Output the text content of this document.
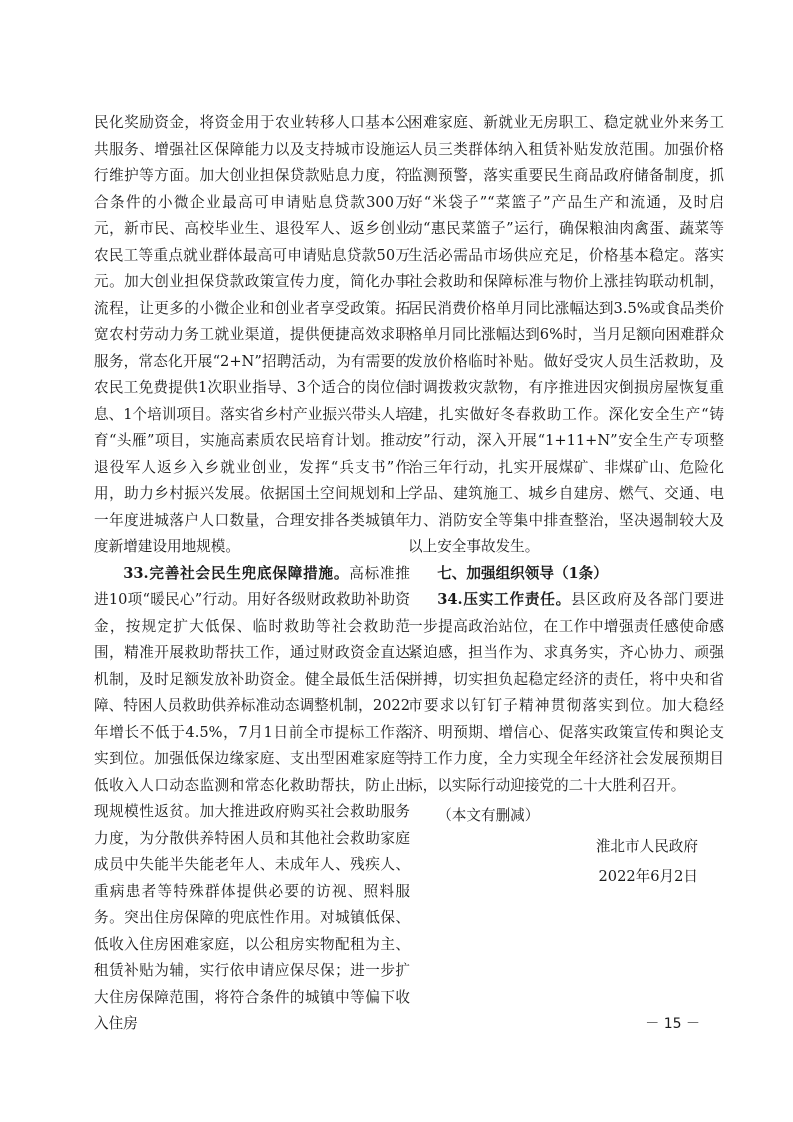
民化奖励资金，将资金用于农业转移人口基本公共服务、增强社区保障能力以及支持城市设施运行维护等方面。加大创业担保贷款贴息力度，符合条件的小微企业最高可申请贴息贷款300万元，新市民、高校毕业生、退役军人、返乡创业农民工等重点就业群体最高可申请贴息贷款50万元。加大创业担保贷款政策宣传力度，简化办事流程，让更多的小微企业和创业者享受政策。拓宽农村劳动力务工就业渠道，提供便捷高效求职服务，常态化开展“2+N”招聘活动，为有需要的农民工免费提供1次职业指导、3个适合的岗位信息、1个培训项目。落实省乡村产业振兴带头人培育“头雁”项目，实施高素质农民培育计划。推动退役军人返乡入乡就业创业，发挥“兵支书”作用，助力乡村振兴发展。依据国土空间规划和上一年度进城落户人口数量，合理安排各类城镇年度新增建设用地规模。

33.完善社会民生兜底保障措施。高标准推进10项“暖民心”行动。用好各级财政救助补助资金，按规定扩大低保、临时救助等社会救助范围，精准开展救助帮扶工作，通过财政资金直达机制，及时足额发放补助资金。健全最低生活保障、特困人员救助供养标准动态调整机制，2022年增长不低于4.5%，7月1日前全市提标工作落实到位。加强低保边缘家庭、支出型困难家庭等低收入人口动态监测和常态化救助帮扶，防止出现规模性返贫。加大推进政府购买社会救助服务力度，为分散供养特困人员和其他社会救助家庭成员中失能半失能老年人、未成年人、残疾人、重病患者等特殊群体提供必要的访视、照料服务。突出住房保障的兜底性作用。对城镇低保、低收入住房困难家庭，以公租房实物配租为主、租赁补贴为辅，实行依申请应保尽保；进一步扩大住房保障范围，将符合条件的城镇中等偏下收入住房

困难家庭、新就业无房职工、稳定就业外来务工人员三类群体纳入租赁补贴发放范围。加强价格监测预警，落实重要民生商品政府储备制度，抓好“米袋子”“菜篮子”产品生产和流通，及时启动“惠民菜篮子”运行，确保粮油肉禽蛋、蔬菜等生活必需品市场供应充足，价格基本稳定。落实社会救助和保障标准与物价上涨挂钩联动机制，居民消费价格单月同比涨幅达到3.5%或食品类价格单月同比涨幅达到6%时，当月足额向困难群众发放价格临时补贴。做好受灾人员生活救助，及时调拨救灾款物，有序推进因灾倒损房屋恢复重建，扎实做好冬春救助工作。深化安全生产“铸安”行动，深入开展“1+11+N”安全生产专项整治三年行动，扎实开展煤矿、非煤矿山、危险化学品、建筑施工、城乡自建房、燃气、交通、电力、消防安全等集中排查整治，坚决遏制较大及以上安全事故发生。

七、加强组织领导（1条）

34.压实工作责任。县区政府及各部门要进一步提高政治站位，在工作中增强责任感使命感紧迫感，担当作为、求真务实，齐心协力、顽强拼搏，切实担负起稳定经济的责任，将中央和省市要求以钉钉子精神贯彻落实到位。加大稳经济、明预期、增信心、促落实政策宣传和舆论支持工作力度，全力实现全年经济社会发展预期目标，以实际行动迎接党的二十大胜利召开。

（本文有删减）

淮北市人民政府
2022年6月2日
－ 15 －
